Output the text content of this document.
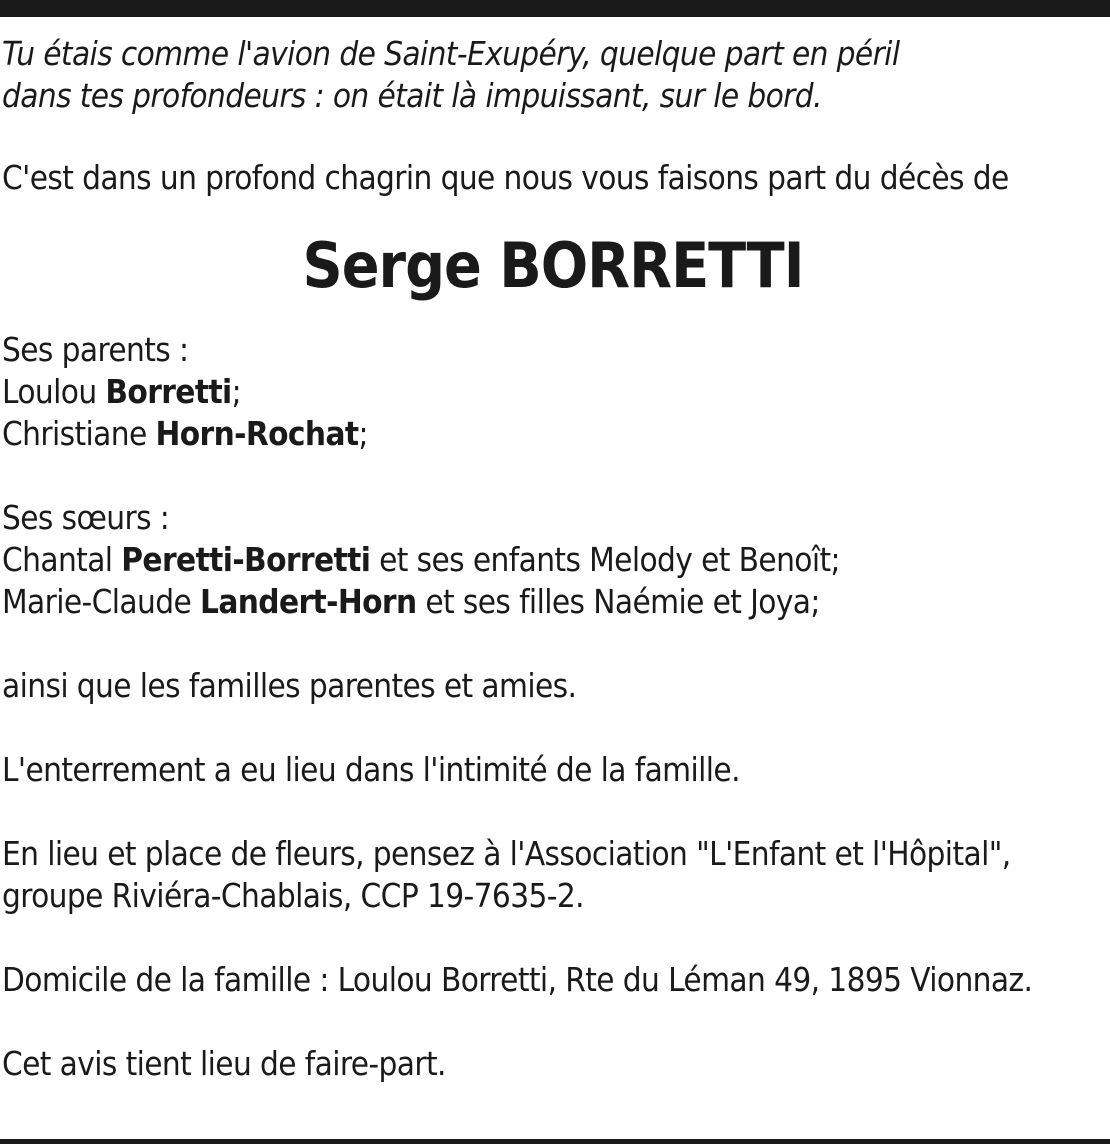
Tu étais comme l'avion de Saint-Exupéry, quelque part en péril
dans tes profondeurs : on était là impuissant, sur le bord.
C'est dans un profond chagrin que nous vous faisons part du décès de
Serge BORRETTI
Ses parents :
Loulou Borretti;
Christiane Horn-Rochat;
Ses sœurs :
Chantal Peretti-Borretti et ses enfants Melody et Benoît;
Marie-Claude Landert-Horn et ses filles Naémie et Joya;
ainsi que les familles parentes et amies.
L'enterrement a eu lieu dans l'intimité de la famille.
En lieu et place de fleurs, pensez à l'Association "L'Enfant et l'Hôpital",
groupe Riviéra-Chablais, CCP 19-7635-2.
Domicile de la famille : Loulou Borretti, Rte du Léman 49, 1895 Vionnaz.
Cet avis tient lieu de faire-part.
